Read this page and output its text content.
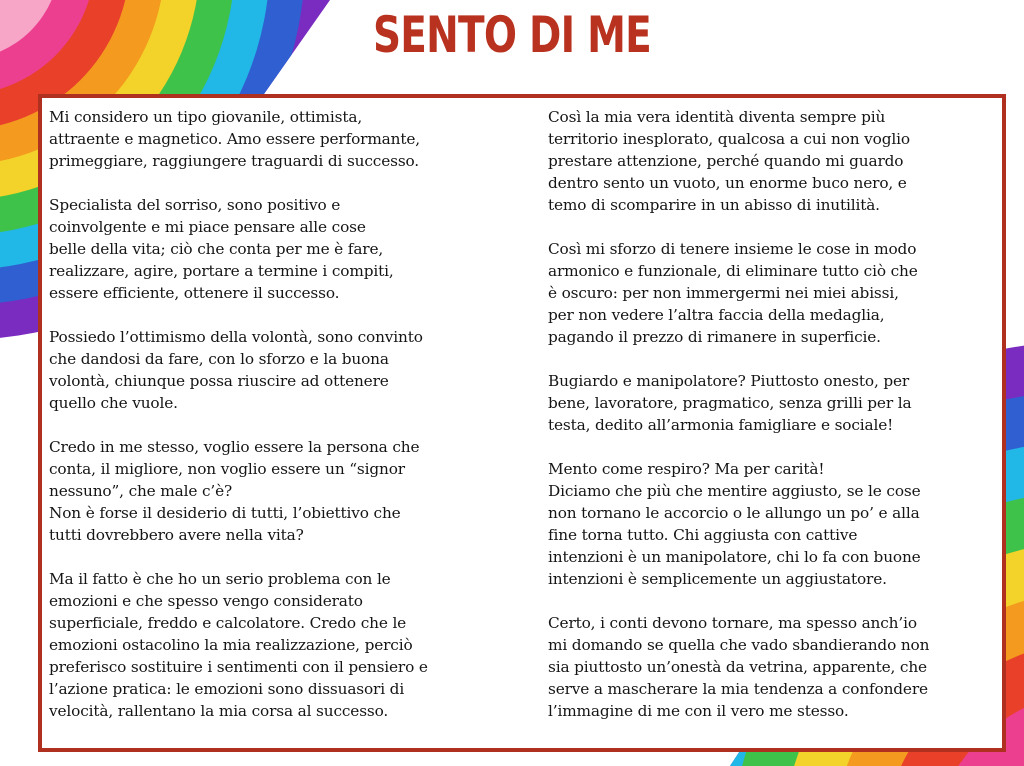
SENTO DI ME

Mi considero un tipo giovanile, ottimista,
attraente e magnetico. Amo essere performante,
primeggiare, raggiungere traguardi di successo.

Specialista del sorriso, sono positivo e
coinvolgente e mi piace pensare alle cose
belle della vita; ciò che conta per me è fare,
realizzare, agire, portare a termine i compiti,
essere efficiente, ottenere il successo.

Possiedo l’ottimismo della volontà, sono convinto
che dandosi da fare, con lo sforzo e la buona
volontà, chiunque possa riuscire ad ottenere
quello che vuole.

Credo in me stesso, voglio essere la persona che
conta, il migliore, non voglio essere un “signor
nessuno”, che male c’è?
Non è forse il desiderio di tutti, l’obiettivo che
tutti dovrebbero avere nella vita?

Ma il fatto è che ho un serio problema con le
emozioni e che spesso vengo considerato
superficiale, freddo e calcolatore. Credo che le
emozioni ostacolino la mia realizzazione, perciò
preferisco sostituire i sentimenti con il pensiero e
l’azione pratica: le emozioni sono dissuasori di
velocità, rallentano la mia corsa al successo.

Così la mia vera identità diventa sempre più
territorio inesplorato, qualcosa a cui non voglio
prestare attenzione, perché quando mi guardo
dentro sento un vuoto, un enorme buco nero, e
temo di scomparire in un abisso di inutilità.

Così mi sforzo di tenere insieme le cose in modo
armonico e funzionale, di eliminare tutto ciò che
è oscuro: per non immergermi nei miei abissi,
per non vedere l’altra faccia della medaglia,
pagando il prezzo di rimanere in superficie.

Bugiardo e manipolatore? Piuttosto onesto, per
bene, lavoratore, pragmatico, senza grilli per la
testa, dedito all’armonia famigliare e sociale!

Mento come respiro? Ma per carità!
Diciamo che più che mentire aggiusto, se le cose
non tornano le accorcio o le allungo un po’ e alla
fine torna tutto. Chi aggiusta con cattive
intenzioni è un manipolatore, chi lo fa con buone
intenzioni è semplicemente un aggiustatore.

Certo, i conti devono tornare, ma spesso anch’io
mi domando se quella che vado sbandierando non
sia piuttosto un’onestà da vetrina, apparente, che
serve a mascherare la mia tendenza a confondere
l’immagine di me con il vero me stesso.
